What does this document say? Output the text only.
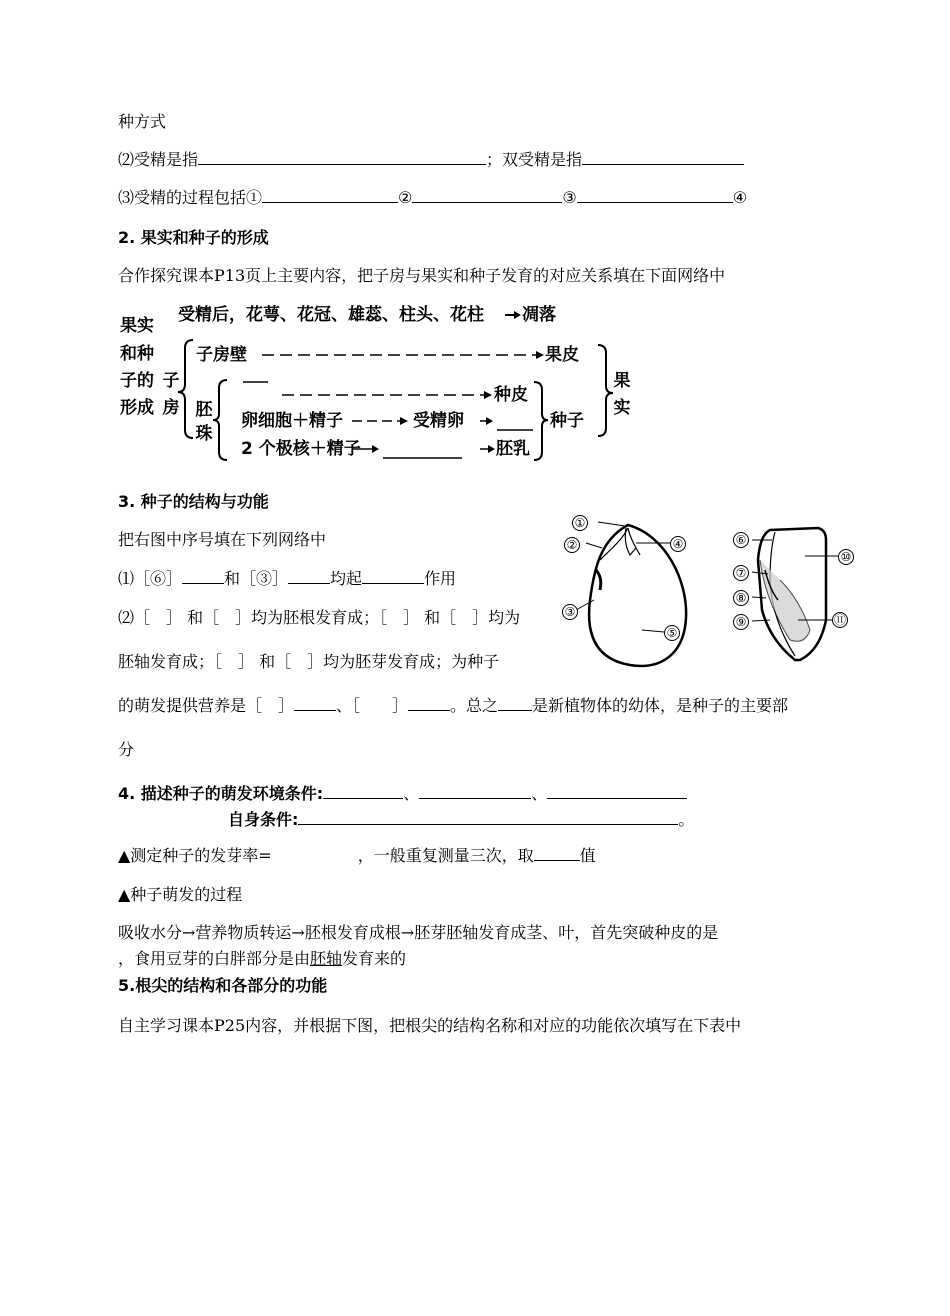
种方式
⑵受精是指	；双受精是指
⑶受精的过程包括①	②	③	④
2. 果实和种子的形成
合作探究课本P13页上主要内容，把子房与果实和种子发育的对应关系填在下面网络中
果实
和种
子的
形成
子
房 胚
珠
受精后，花萼、花冠、雄蕊、柱头、花柱 凋落
子房壁	果皮
种皮
卵细胞＋精子	受精卵
2 个极核＋精子	胚乳
种子
果
实
3. 种子的结构与功能
把右图中序号填在下列网络中
⑴［⑥］	和［③］	均起	作用
⑵［　］ 和［　］均为胚根发育成；［　］ 和［　］均为
胚轴发育成；［　］ 和［　］均为胚芽发育成；为种子
的萌发提供营养是［　］	、［　　］	。总之 是新植物体的幼体，是种子的主要部
分
①
②
③
④
⑤
⑥
⑦
⑧
⑨
⑩
⑪
4. 描述种子的萌发环境条件:	、	、
自身条件:	。
▲测定种子的发芽率=	，一般重复测量三次，取	值
▲种子萌发的过程
吸收水分→营养物质转运→胚根发育成根→胚芽胚轴发育成茎、叶，首先突破种皮的是
，食用豆芽的白胖部分是由胚轴发育来的
5.根尖的结构和各部分的功能
自主学习课本P25内容，并根据下图，把根尖的结构名称和对应的功能依次填写在下表中
